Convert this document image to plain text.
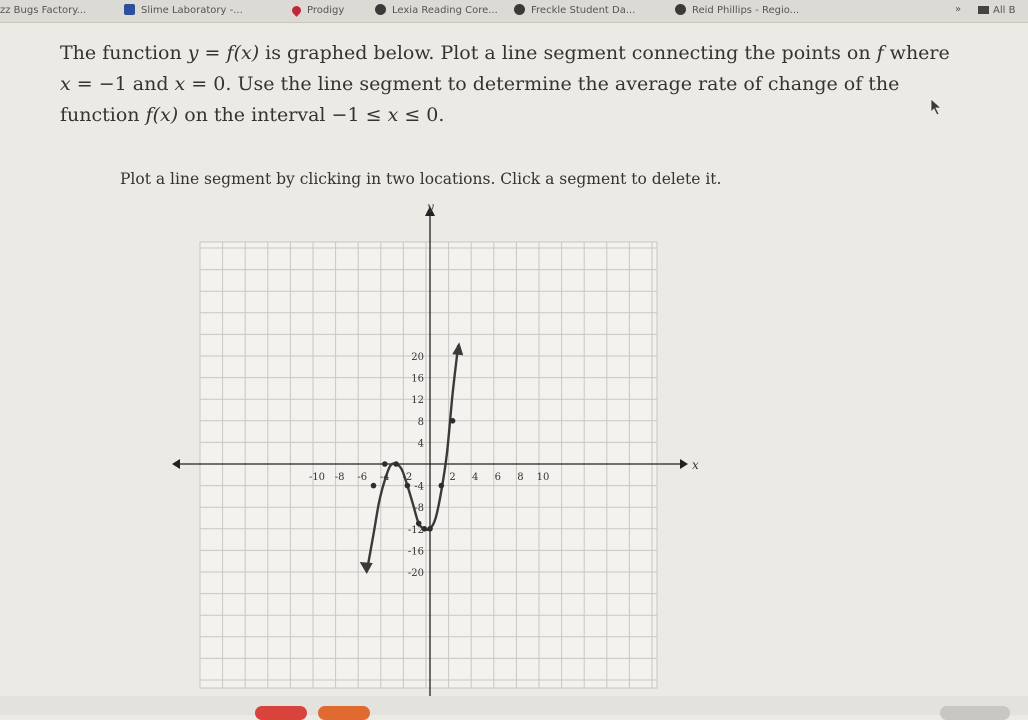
zz Bugs Factory...	Slime Laboratory -...	Prodigy	Lexia Reading Core...	Freckle Student Da...	Reid Phillips - Regio...	»	All B
The function y = f(x) is graphed below. Plot a line segment connecting the points on f where
x = −1 and x = 0. Use the line segment to determine the average rate of change of the
function f(x) on the interval −1 ≤ x ≤ 0.
Plot a line segment by clicking in two locations. Click a segment to delete it.
x
y
-10 -8 -6 -4 -2	2 4 6 8 10
20
16
12
8
4
-4
-8
-12
-16
-20
